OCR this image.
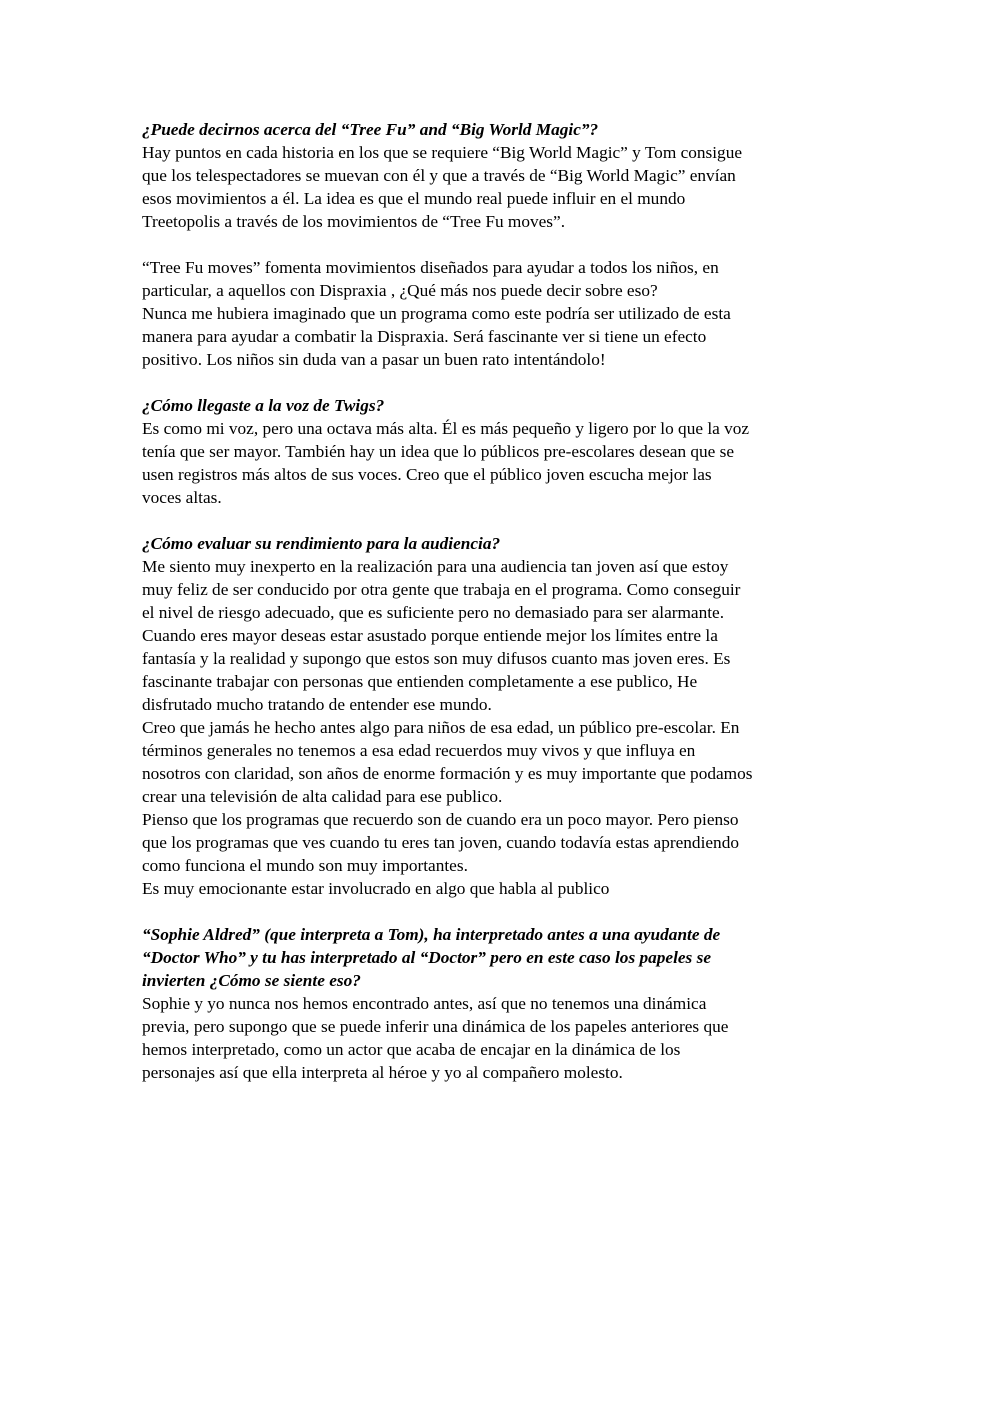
¿Puede decirnos acerca del “Tree Fu” and “Big World Magic”?
Hay puntos en cada historia en los que se requiere “Big World Magic” y Tom consigue
que los telespectadores se muevan con él y que a través de “Big World Magic” envían
esos movimientos a él. La idea es que el mundo real puede influir en el mundo
Treetopolis a través de los movimientos de “Tree Fu moves”.
“Tree Fu moves” fomenta movimientos diseñados para ayudar a todos los niños, en
particular, a aquellos con Dispraxia , ¿Qué más nos puede decir sobre eso?
Nunca me hubiera imaginado que un programa como este podría ser utilizado de esta
manera para ayudar a combatir la Dispraxia. Será fascinante ver si tiene un efecto
positivo. Los niños sin duda van a pasar un buen rato intentándolo!
¿Cómo llegaste a la voz de Twigs?
Es como mi voz, pero una octava más alta. Él es más pequeño y ligero por lo que la voz
tenía que ser mayor. También hay un idea que lo públicos pre-escolares desean que se
usen registros más altos de sus voces. Creo que el público joven escucha mejor las
voces altas.
¿Cómo evaluar su rendimiento para la audiencia?
Me siento muy inexperto en la realización para una audiencia tan joven así que estoy
muy feliz de ser conducido por otra gente que trabaja en el programa. Como conseguir
el nivel de riesgo adecuado, que es suficiente pero no demasiado para ser alarmante.
Cuando eres mayor deseas estar asustado porque entiende mejor los límites entre la
fantasía y la realidad y supongo que estos son muy difusos cuanto mas joven eres. Es
fascinante trabajar con personas que entienden completamente a ese publico, He
disfrutado mucho tratando de entender ese mundo.
Creo que jamás he hecho antes algo para niños de esa edad, un público pre-escolar. En
términos generales no tenemos a esa edad recuerdos muy vivos y que influya en
nosotros con claridad, son años de enorme formación y es muy importante que podamos
crear una televisión de alta calidad para ese publico.
Pienso que los programas que recuerdo son de cuando era un poco mayor. Pero pienso
que los programas que ves cuando tu eres tan joven, cuando todavía estas aprendiendo
como funciona el mundo son muy importantes.
Es muy emocionante estar involucrado en algo que habla al publico
“Sophie Aldred” (que interpreta a Tom), ha interpretado antes a una ayudante de
“Doctor Who” y tu has interpretado al “Doctor” pero en este caso los papeles se
invierten ¿Cómo se siente eso?
Sophie y yo nunca nos hemos encontrado antes, así que no tenemos una dinámica
previa, pero supongo que se puede inferir una dinámica de los papeles anteriores que
hemos interpretado, como un actor que acaba de encajar en la dinámica de los
personajes así que ella interpreta al héroe y yo al compañero molesto.
